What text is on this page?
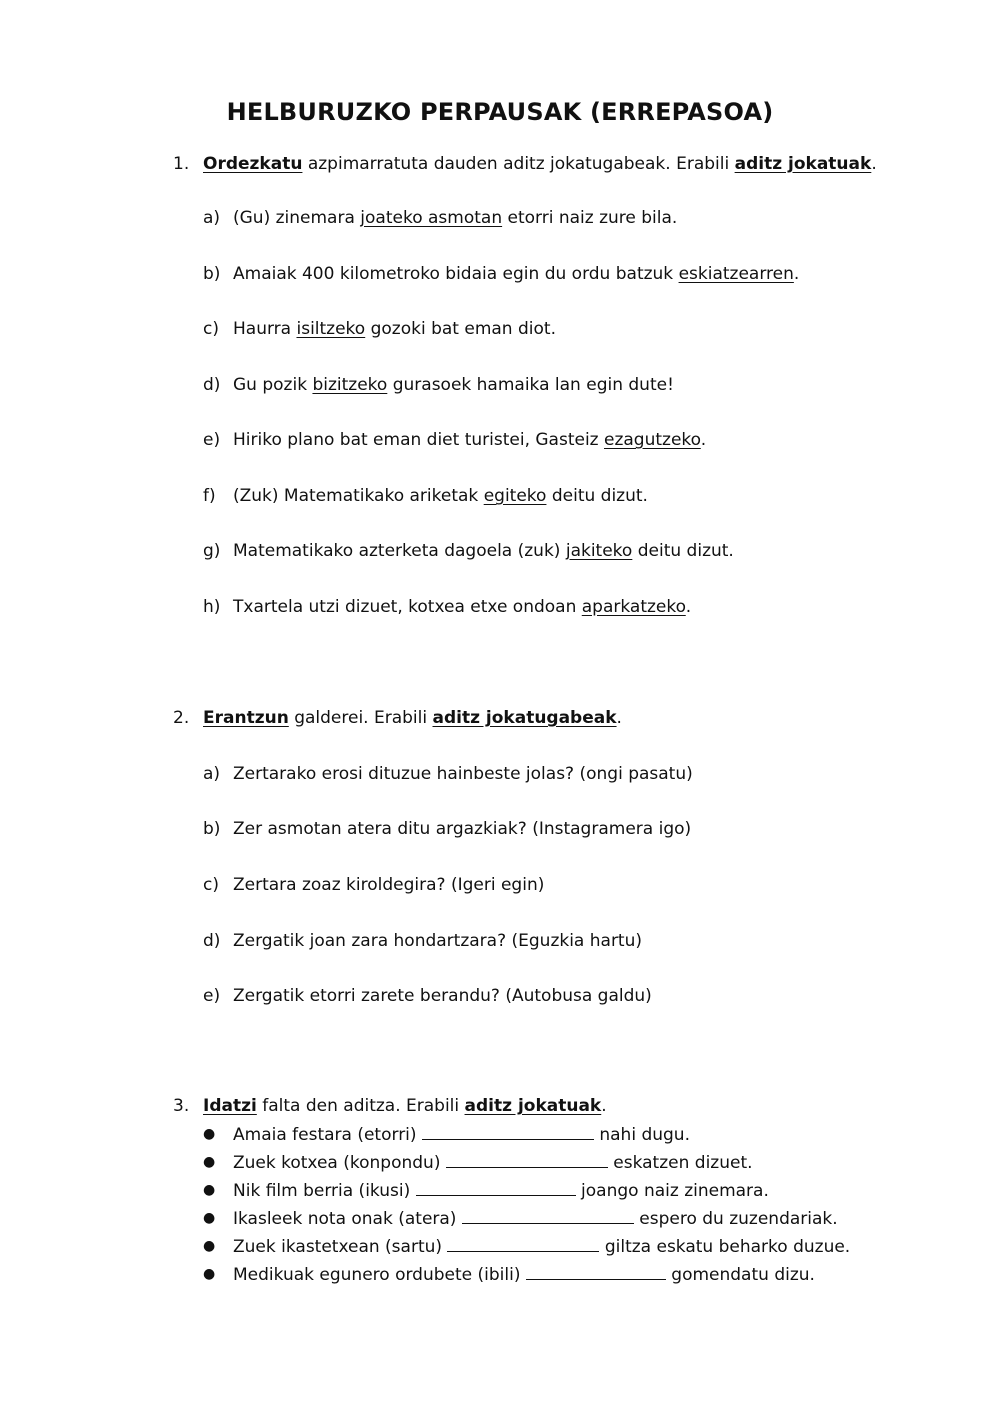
HELBURUZKO PERPAUSAK (ERREPASOA)
1. Ordezkatu azpimarratuta dauden aditz jokatugabeak. Erabili aditz jokatuak.
a) (Gu) zinemara joateko asmotan etorri naiz zure bila.
b) Amaiak 400 kilometroko bidaia egin du ordu batzuk eskiatzearren.
c) Haurra isiltzeko gozoki bat eman diot.
d) Gu pozik bizitzeko gurasoek hamaika lan egin dute!
e) Hiriko plano bat eman diet turistei, Gasteiz ezagutzeko.
f) (Zuk) Matematikako ariketak egiteko deitu dizut.
g) Matematikako azterketa dagoela (zuk) jakiteko deitu dizut.
h) Txartela utzi dizuet, kotxea etxe ondoan aparkatzeko.
2. Erantzun galderei. Erabili aditz jokatugabeak.
a) Zertarako erosi dituzue hainbeste jolas? (ongi pasatu)
b) Zer asmotan atera ditu argazkiak? (Instagramera igo)
c) Zertara zoaz kiroldegira? (Igeri egin)
d) Zergatik joan zara hondartzara? (Eguzkia hartu)
e) Zergatik etorri zarete berandu? (Autobusa galdu)
3. Idatzi falta den aditza. Erabili aditz jokatuak.
● Amaia festara (etorri)	nahi dugu.
● Zuek kotxea (konpondu)	eskatzen dizuet.
● Nik film berria (ikusi)	joango naiz zinemara.
● Ikasleek nota onak (atera)	espero du zuzendariak.
● Zuek ikastetxean (sartu)	giltza eskatu beharko duzue.
● Medikuak egunero ordubete (ibili)	gomendatu dizu.
